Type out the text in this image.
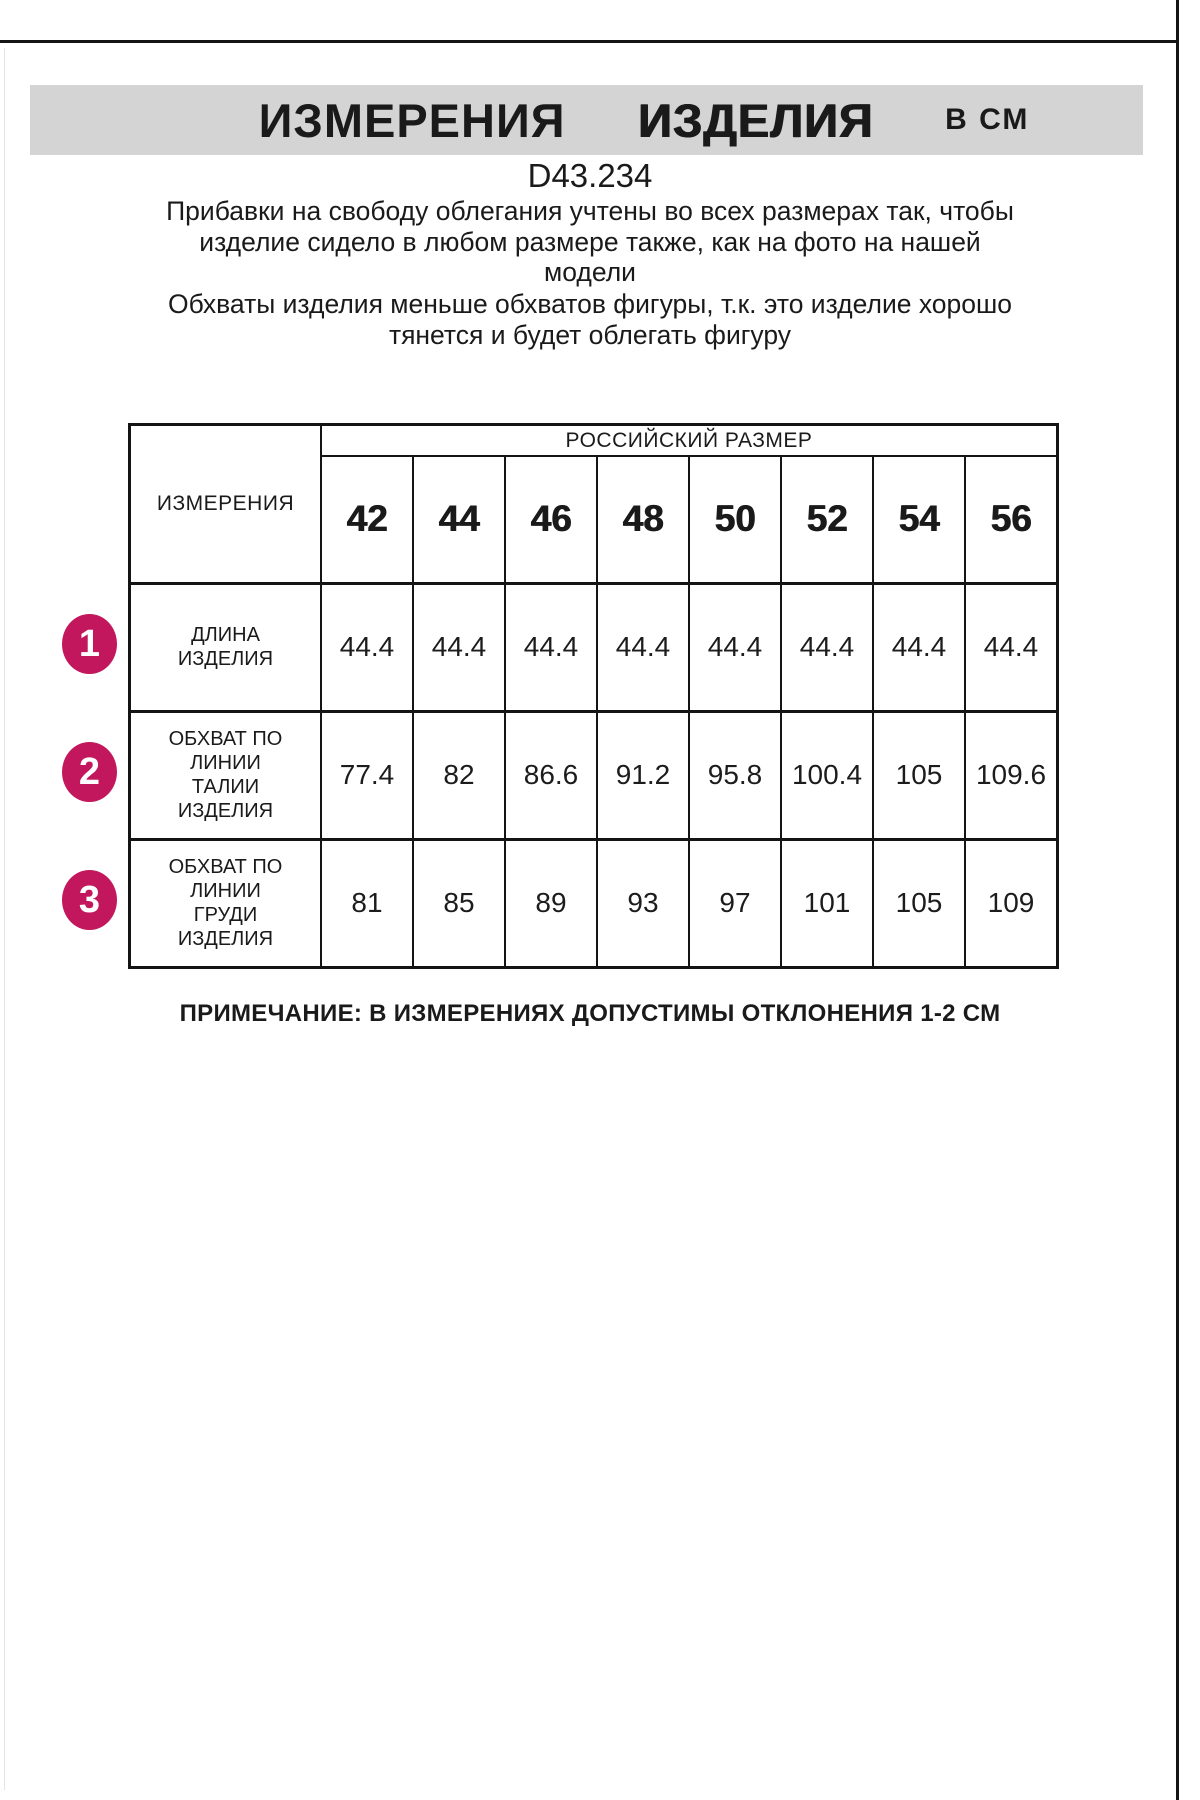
ИЗМЕРЕНИЯ ИЗДЕЛИЯ В СМ
D43.234
Прибавки на свободу облегания учтены во всех размерах так, чтобы
изделие сидело в любом размере также, как на фото на нашей
модели
Обхваты изделия меньше обхватов фигуры, т.к. это изделие хорошо
тянется и будет облегать фигуру
ИЗМЕРЕНИЯ	РОССИЙСКИЙ РАЗМЕР							
	42	44	46	48	50	52	54	56
ДЛИНА ИЗДЕЛИЯ	44.4	44.4	44.4	44.4	44.4	44.4	44.4	44.4
ОБХВАТ ПО ЛИНИИ ТАЛИИ ИЗДЕЛИЯ	77.4	82	86.6	91.2	95.8	100.4	105	109.6
ОБХВАТ ПО ЛИНИИ ГРУДИ ИЗДЕЛИЯ	81	85	89	93	97	101	105	109
1
2
3
ПРИМЕЧАНИЕ: В ИЗМЕРЕНИЯХ ДОПУСТИМЫ ОТКЛОНЕНИЯ 1-2 СМ
